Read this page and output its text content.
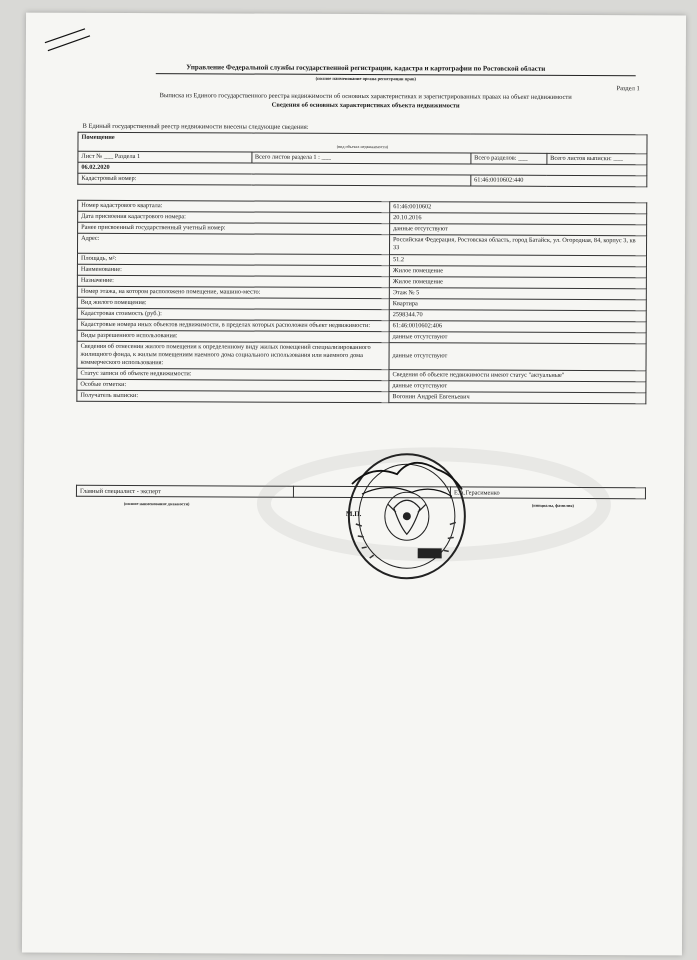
Управление Федеральной службы государственной регистрации, кадастра и картографии по Ростовской области
(полное наименование органа регистрации прав)
Раздел 1
Выписка из Единого государственного реестра недвижимости об основных характеристиках и зарегистрированных правах на объект недвижимости
Сведения об основных характеристиках объекта недвижимости
В Единый государственный реестр недвижимости внесены следующие сведения:
Помещение
(вид объекта недвижимости)			

Лист № ___ Раздела 1	Всего листов раздела 1 : ___	Всего разделов: ___	Всего листов выписки: ___
06.02.2020			
Кадастровый номер:		61:46:0010602:440	
Номер кадастрового квартала:	61:46:0010602
Дата присвоения кадастрового номера:	20.10.2016
Ранее присвоенный государственный учетный номер:	данные отсутствуют
Адрес:	Российская Федерация, Ростовская область, город Батайск, ул. Огородная, 84, корпус 3, кв 33
Площадь, м²:	51.2
Наименование:	Жилое помещение
Назначение:	Жилое помещение
Номер этажа, на котором расположено помещение, машино-место:	Этаж № 5
Вид жилого помещения:	Квартира
Кадастровая стоимость (руб.):	2598344.70
Кадастровые номера иных объектов недвижимости, в пределах которых расположен объект недвижимости:	61:46:0010602:406
Виды разрешенного использования:	данные отсутствуют
Сведения об отнесении жилого помещения к определенному виду жилых помещений специализированного жилищного фонда, к жилым помещениям наемного дома социального использования или наемного дома коммерческого использования:	данные отсутствуют
Статус записи об объекте недвижимости:	Сведения об объекте недвижимости имеют статус "актуальные"
Особые отметки:	данные отсутствуют
Получатель выписки:	Вогонин Андрей Евгеньевич
Главный специалист - эксперт		Е.А.Герасименко
(полное наименование должности)	(инициалы, фамилия)
М.П.
